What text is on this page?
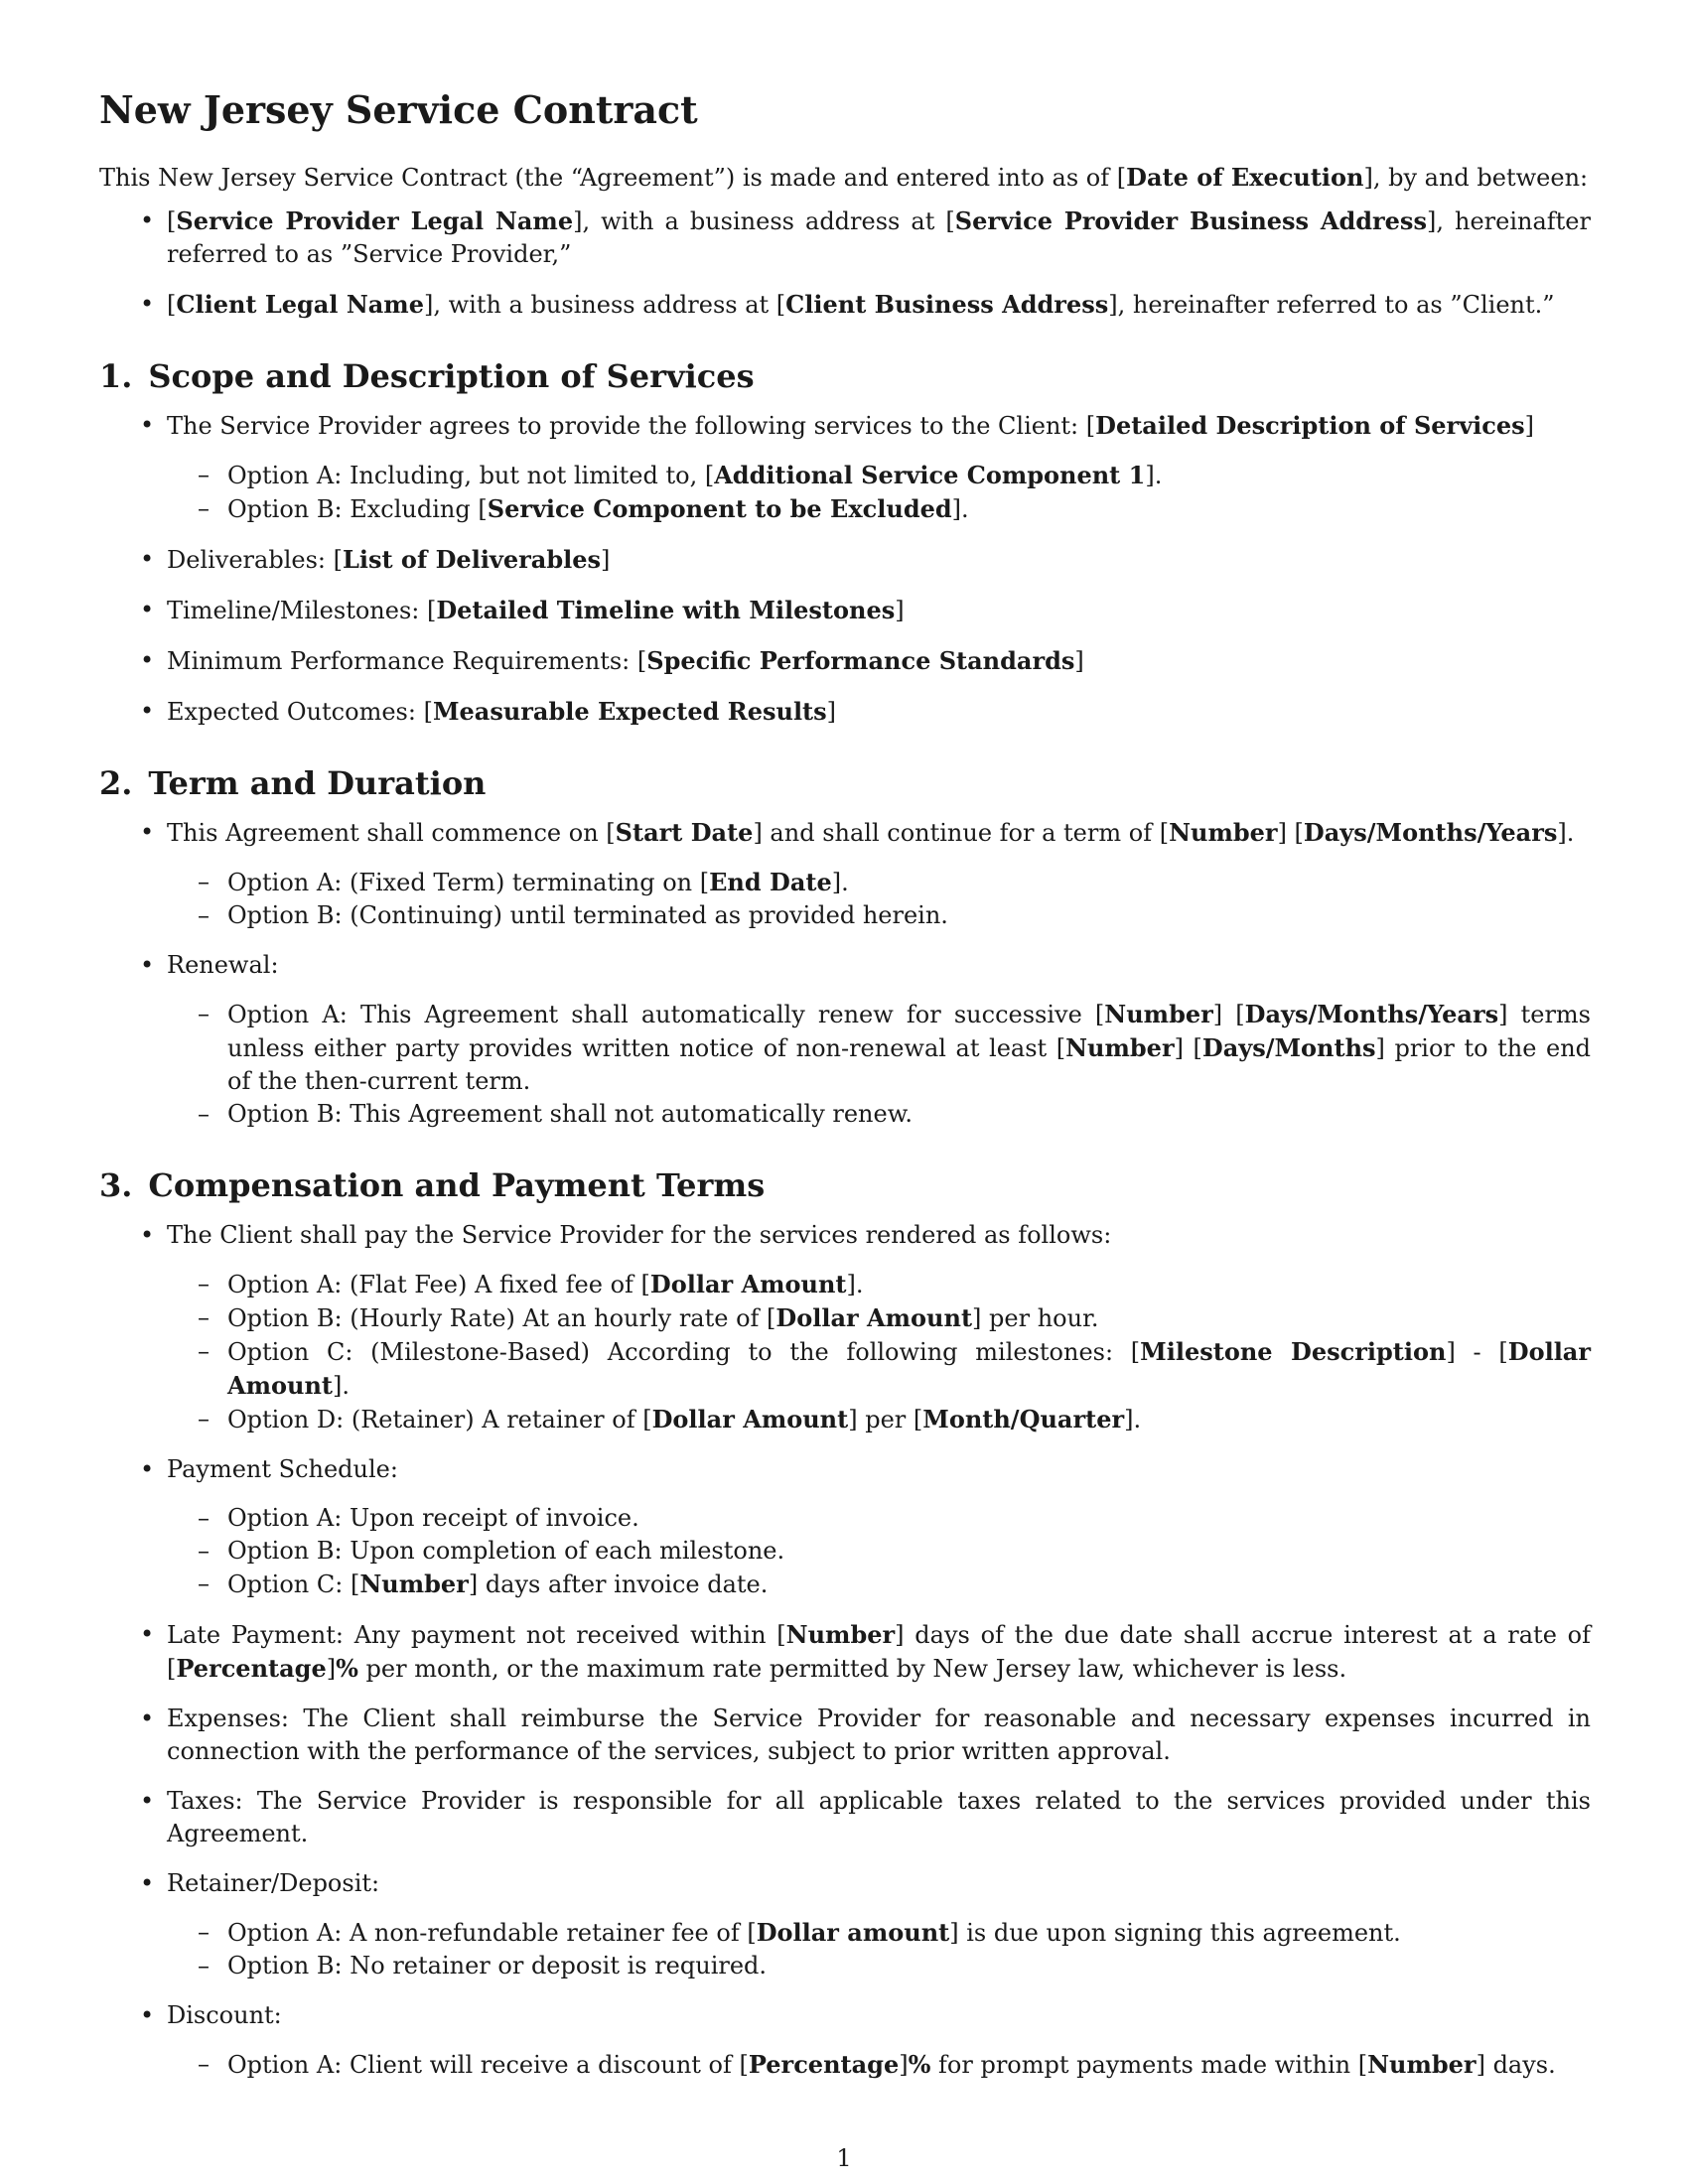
New Jersey Service Contract

This New Jersey Service Contract (the “Agreement”) is made and entered into as of [Date of Execution], by and between:

• [Service Provider Legal Name], with a business address at [Service Provider Business Address], hereinafter referred to as ”Service Provider,”
• [Client Legal Name], with a business address at [Client Business Address], hereinafter referred to as ”Client.”
1. Scope and Description of Services
• The Service Provider agrees to provide the following services to the Client: [Detailed Description of Services]
– Option A: Including, but not limited to, [Additional Service Component 1].
– Option B: Excluding [Service Component to be Excluded].
• Deliverables: [List of Deliverables]
• Timeline/Milestones: [Detailed Timeline with Milestones]
• Minimum Performance Requirements: [Specific Performance Standards]
• Expected Outcomes: [Measurable Expected Results]
2. Term and Duration
• This Agreement shall commence on [Start Date] and shall continue for a term of [Number] [Days/Months/Years].
– Option A: (Fixed Term) terminating on [End Date].
– Option B: (Continuing) until terminated as provided herein.
• Renewal:
– Option A: This Agreement shall automatically renew for successive [Number] [Days/Months/Years] terms unless either party provides written notice of non-renewal at least [Number] [Days/Months] prior to the end of the then-current term.
– Option B: This Agreement shall not automatically renew.
3. Compensation and Payment Terms
• The Client shall pay the Service Provider for the services rendered as follows:
– Option A: (Flat Fee) A fixed fee of [Dollar Amount].
– Option B: (Hourly Rate) At an hourly rate of [Dollar Amount] per hour.
– Option C: (Milestone-Based) According to the following milestones: [Milestone Description] - [Dollar Amount].
– Option D: (Retainer) A retainer of [Dollar Amount] per [Month/Quarter].
• Payment Schedule:
– Option A: Upon receipt of invoice.
– Option B: Upon completion of each milestone.
– Option C: [Number] days after invoice date.
• Late Payment: Any payment not received within [Number] days of the due date shall accrue interest at a rate of [Percentage]% per month, or the maximum rate permitted by New Jersey law, whichever is less.
• Expenses: The Client shall reimburse the Service Provider for reasonable and necessary expenses incurred in connection with the performance of the services, subject to prior written approval.
• Taxes: The Service Provider is responsible for all applicable taxes related to the services provided under this Agreement.
• Retainer/Deposit:
– Option A: A non-refundable retainer fee of [Dollar amount] is due upon signing this agreement.
– Option B: No retainer or deposit is required.
• Discount:
– Option A: Client will receive a discount of [Percentage]% for prompt payments made within [Number] days.
1
